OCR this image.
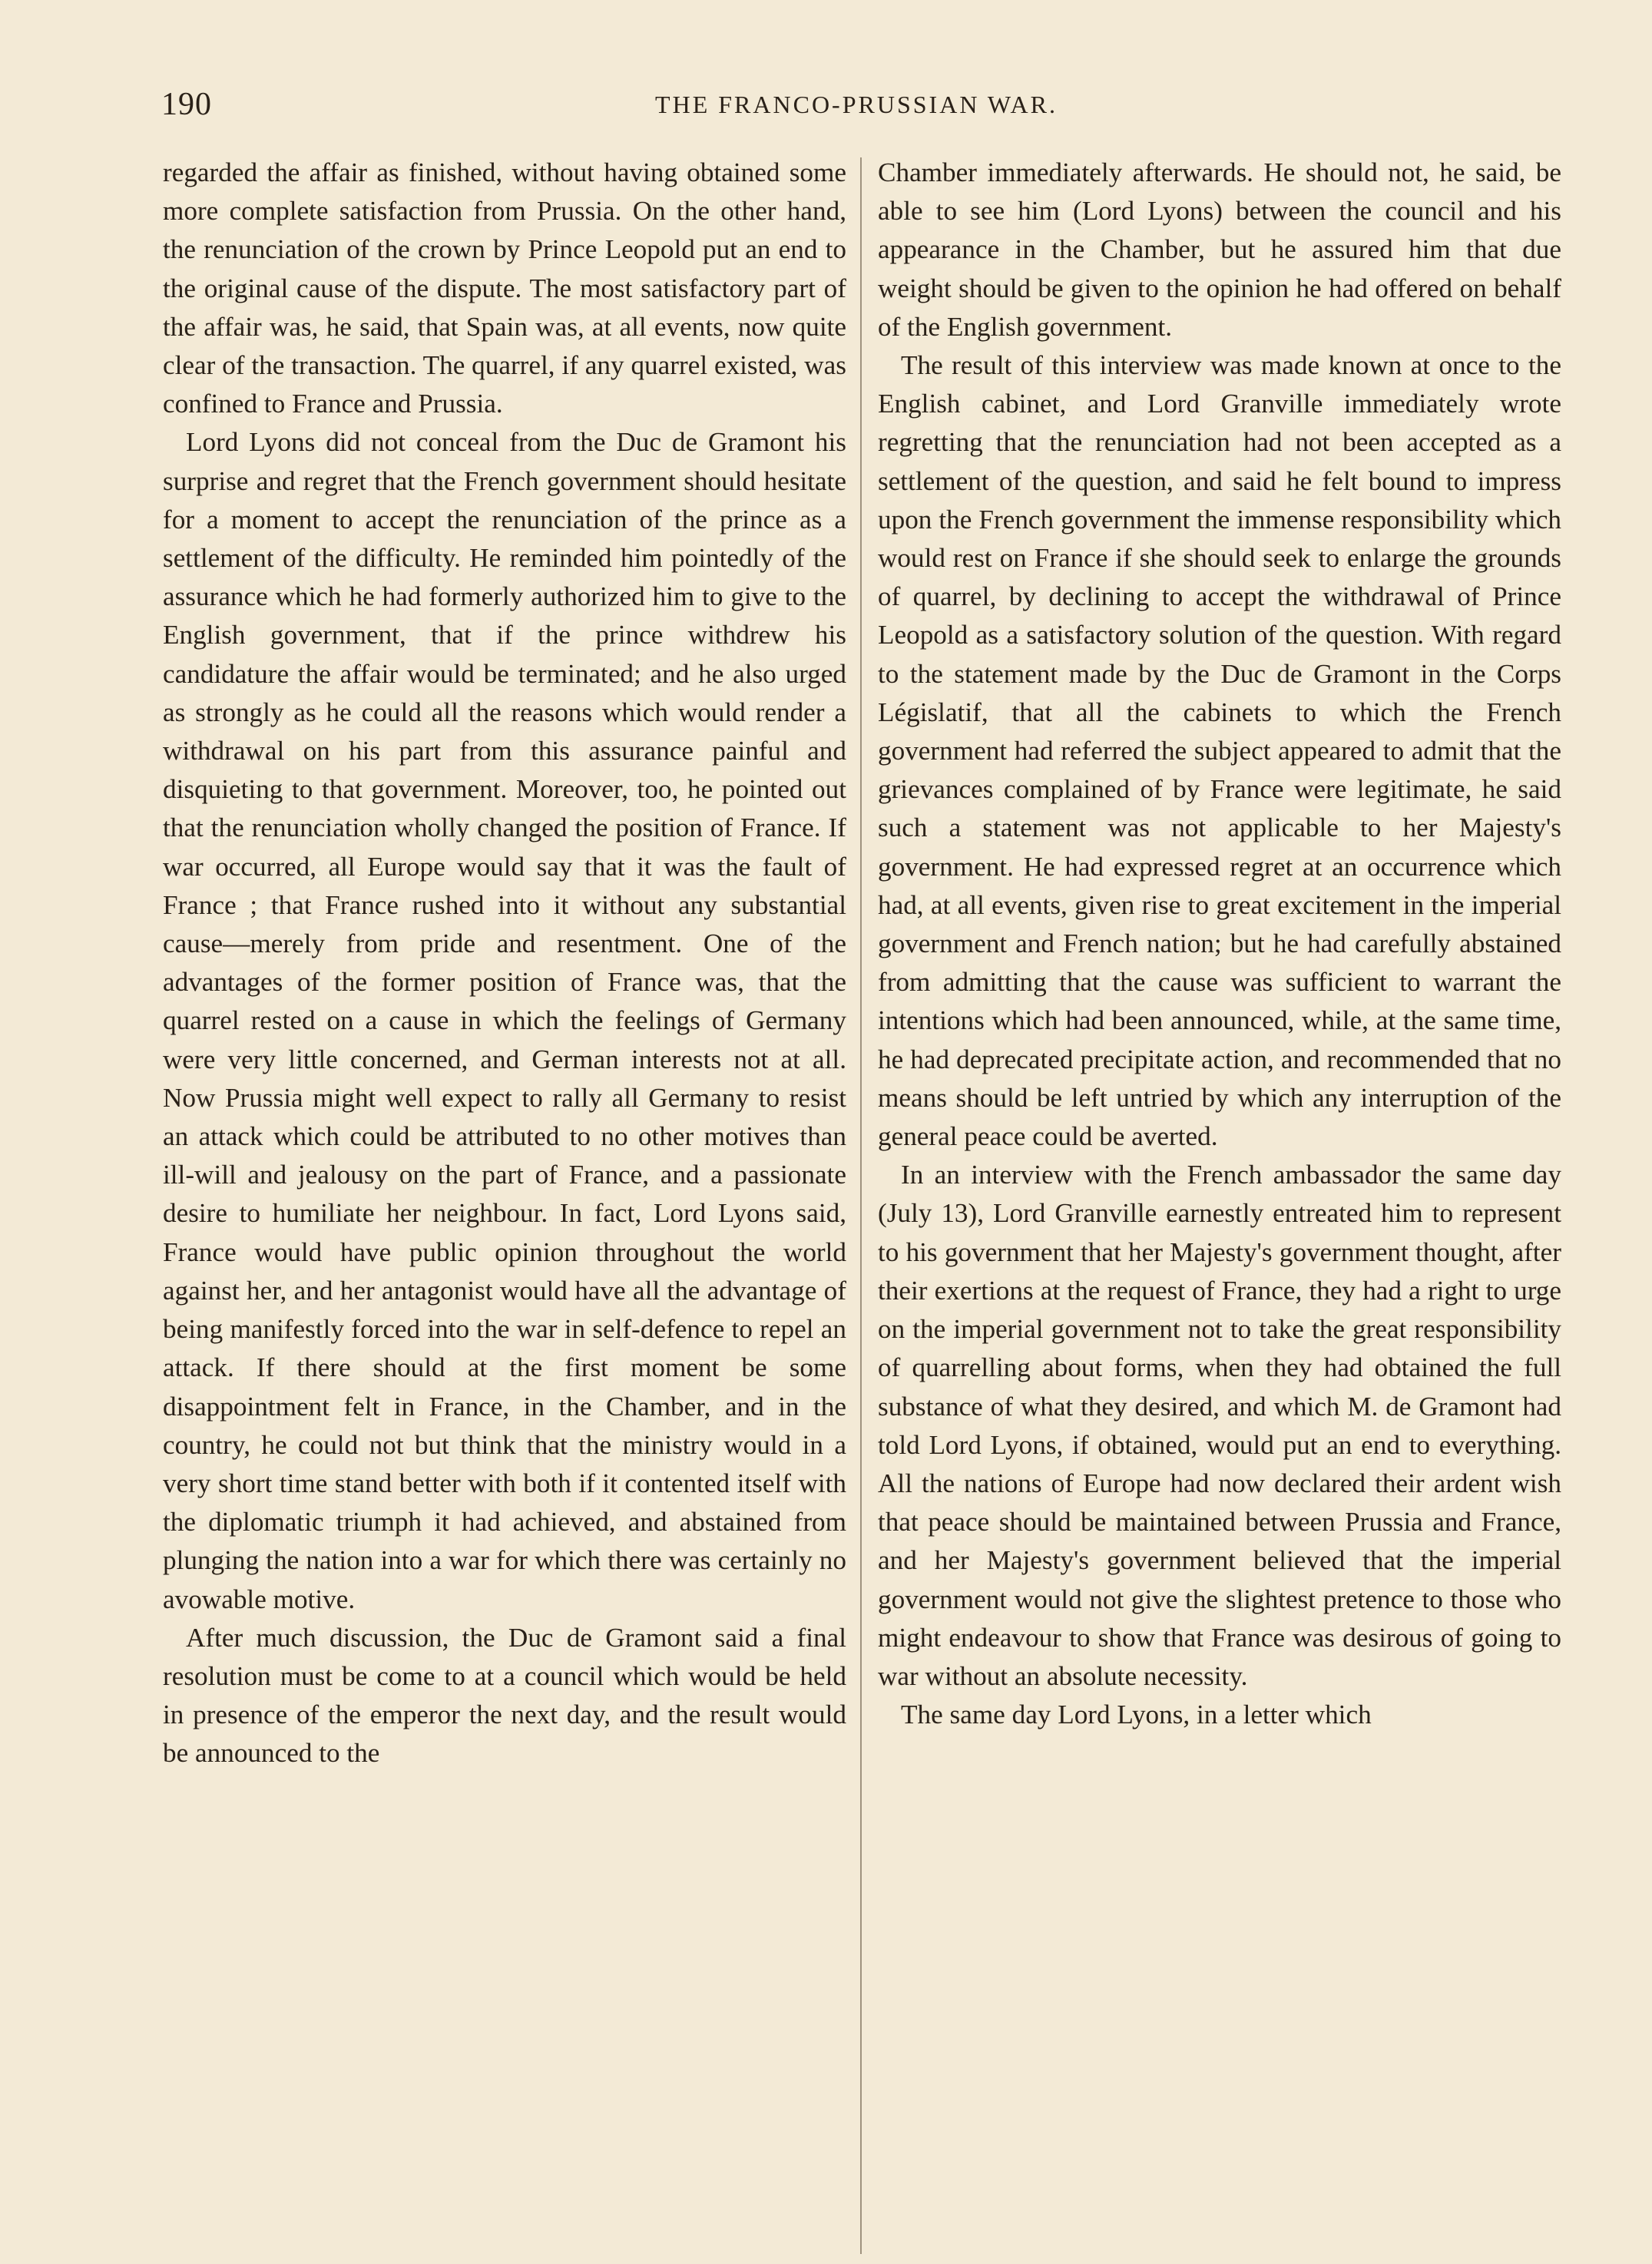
190	THE FRANCO-PRUSSIAN WAR.

regarded the affair as finished, without having obtained some more complete satisfaction from Prussia. On the other hand, the renunciation of the crown by Prince Leopold put an end to the original cause of the dispute. The most satisfactory part of the affair was, he said, that Spain was, at all events, now quite clear of the transaction. The quarrel, if any quarrel existed, was confined to France and Prussia.

Lord Lyons did not conceal from the Duc de Gramont his surprise and regret that the French government should hesitate for a moment to accept the renunciation of the prince as a settlement of the difficulty. He reminded him pointedly of the assurance which he had formerly authorized him to give to the English government, that if the prince withdrew his candidature the affair would be terminated; and he also urged as strongly as he could all the reasons which would render a withdrawal on his part from this assurance painful and disquieting to that government. Moreover, too, he pointed out that the renunciation wholly changed the position of France. If war occurred, all Europe would say that it was the fault of France ; that France rushed into it without any substantial cause—merely from pride and resentment. One of the advantages of the former position of France was, that the quarrel rested on a cause in which the feelings of Germany were very little concerned, and German interests not at all. Now Prussia might well expect to rally all Germany to resist an attack which could be attributed to no other motives than ill-will and jealousy on the part of France, and a passionate desire to humiliate her neighbour. In fact, Lord Lyons said, France would have public opinion throughout the world against her, and her antagonist would have all the advantage of being manifestly forced into the war in self-defence to repel an attack. If there should at the first moment be some disappointment felt in France, in the Chamber, and in the country, he could not but think that the ministry would in a very short time stand better with both if it contented itself with the diplomatic triumph it had achieved, and abstained from plunging the nation into a war for which there was certainly no avowable motive.

After much discussion, the Duc de Gramont said a final resolution must be come to at a council which would be held in presence of the emperor the next day, and the result would be announced to the

Chamber immediately afterwards. He should not, he said, be able to see him (Lord Lyons) between the council and his appearance in the Chamber, but he assured him that due weight should be given to the opinion he had offered on behalf of the English government.

The result of this interview was made known at once to the English cabinet, and Lord Granville immediately wrote regretting that the renunciation had not been accepted as a settlement of the question, and said he felt bound to impress upon the French government the immense responsibility which would rest on France if she should seek to enlarge the grounds of quarrel, by declining to accept the withdrawal of Prince Leopold as a satisfactory solution of the question. With regard to the statement made by the Duc de Gramont in the Corps Législatif, that all the cabinets to which the French government had referred the subject appeared to admit that the grievances complained of by France were legitimate, he said such a statement was not applicable to her Majesty's government. He had expressed regret at an occurrence which had, at all events, given rise to great excitement in the imperial government and French nation; but he had carefully abstained from admitting that the cause was sufficient to warrant the intentions which had been announced, while, at the same time, he had deprecated precipitate action, and recommended that no means should be left untried by which any interruption of the general peace could be averted.

In an interview with the French ambassador the same day (July 13), Lord Granville earnestly entreated him to represent to his government that her Majesty's government thought, after their exertions at the request of France, they had a right to urge on the imperial government not to take the great responsibility of quarrelling about forms, when they had obtained the full substance of what they desired, and which M. de Gramont had told Lord Lyons, if obtained, would put an end to everything. All the nations of Europe had now declared their ardent wish that peace should be maintained between Prussia and France, and her Majesty's government believed that the imperial government would not give the slightest pretence to those who might endeavour to show that France was desirous of going to war without an absolute necessity.

The same day Lord Lyons, in a letter which
